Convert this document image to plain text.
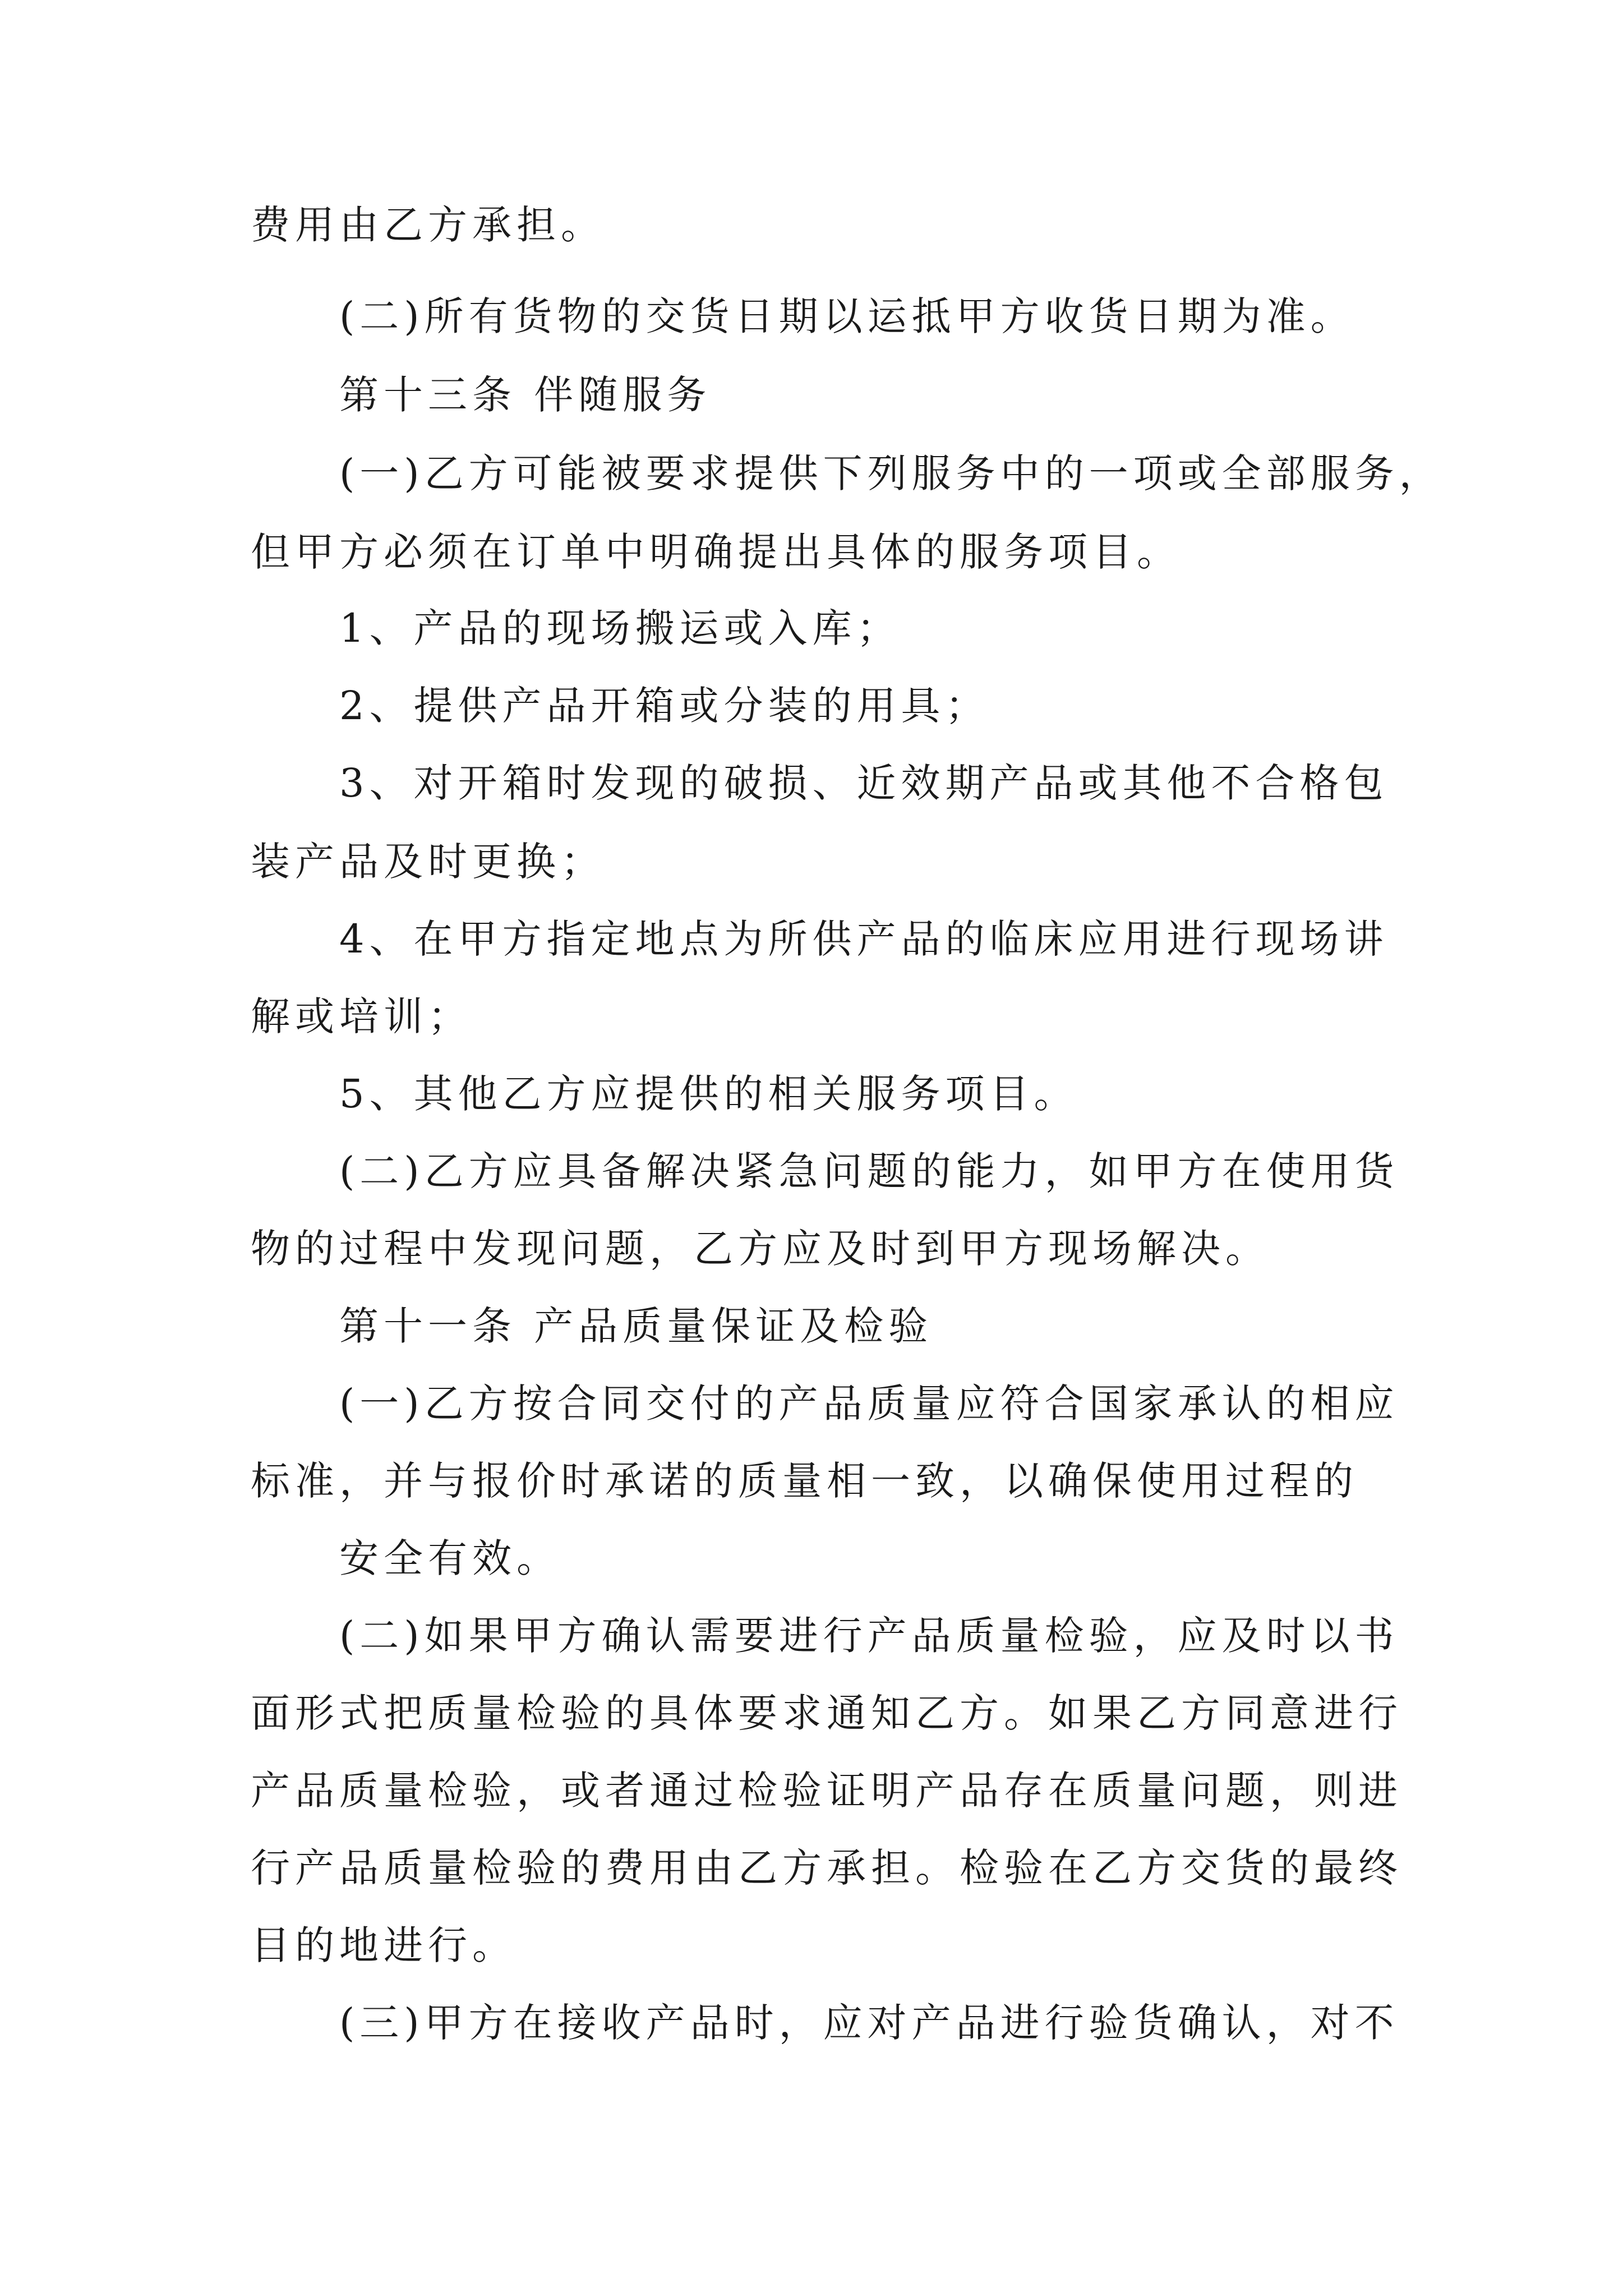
费用由乙方承担。
(二)所有货物的交货日期以运抵甲方收货日期为准。
第十三条 伴随服务
(一)乙方可能被要求提供下列服务中的一项或全部服务，
但甲方必须在订单中明确提出具体的服务项目。
1、产品的现场搬运或入库；
2、提供产品开箱或分装的用具；
3、对开箱时发现的破损、近效期产品或其他不合格包
装产品及时更换；
4、在甲方指定地点为所供产品的临床应用进行现场讲
解或培训；
5、其他乙方应提供的相关服务项目。
(二)乙方应具备解决紧急问题的能力，如甲方在使用货
物的过程中发现问题，乙方应及时到甲方现场解决。
第十一条 产品质量保证及检验
(一)乙方按合同交付的产品质量应符合国家承认的相应
标准，并与报价时承诺的质量相一致，以确保使用过程的
安全有效。
(二)如果甲方确认需要进行产品质量检验，应及时以书
面形式把质量检验的具体要求通知乙方。如果乙方同意进行
产品质量检验，或者通过检验证明产品存在质量问题，则进
行产品质量检验的费用由乙方承担。检验在乙方交货的最终
目的地进行。
(三)甲方在接收产品时，应对产品进行验货确认，对不
